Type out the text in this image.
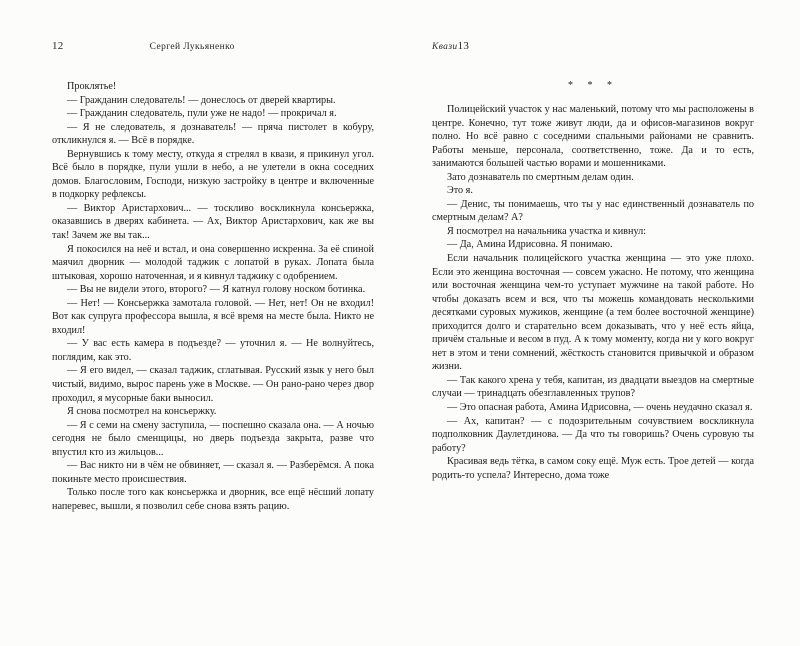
12	Сергей Лукьяненко

Проклятье!

— Гражданин следователь! — донеслось от дверей квартиры.

— Гражданин следователь, пули уже не надо! — прокричал я.

— Я не следователь, я дознаватель! — пряча пистолет в кобуру, откликнулся я. — Всё в порядке.

Вернувшись к тому месту, откуда я стрелял в квази, я прикинул угол. Всё было в порядке, пули ушли в небо, а не улетели в окна соседних домов. Благословим, Господи, низкую застройку в центре и включенные в подкорку рефлексы.

— Виктор Аристархович... — тоскливо воскликнула консьержка, оказавшись в дверях кабинета. — Ах, Виктор Аристархович, как же вы так! Зачем же вы так...

Я покосился на неё и встал, и она совершенно искренна. За её спиной маячил дворник — молодой таджик с лопатой в руках. Лопата была штыковая, хорошо наточенная, и я кивнул таджику с одобрением.

— Вы не видели этого, второго? — Я катнул голову носком ботинка.

— Нет! — Консьержка замотала головой. — Нет, нет! Он не входил! Вот как супруга профессора вышла, я всё время на месте была. Никто не входил!

— У вас есть камера в подъезде? — уточнил я. — Не волнуйтесь, поглядим, как это.

— Я его видел, — сказал таджик, сглатывая. Русский язык у него был чистый, видимо, вырос парень уже в Москве. — Он рано-рано через двор проходил, я мусорные баки выносил.

Я снова посмотрел на консьержку.

— Я с семи на смену заступила, — поспешно сказала она. — А ночью сегодня не было сменщицы, но дверь подъезда закрыта, разве что впустил кто из жильцов...

— Вас никто ни в чём не обвиняет, — сказал я. — Разберёмся. А пока покиньте место происшествия.

Только после того как консьержка и дворник, все ещё нёсший лопату наперевес, вышли, я позволил себе снова взять рацию.

Квази 13
* * *

Полицейский участок у нас маленький, потому что мы расположены в центре. Конечно, тут тоже живут люди, да и офисов-магазинов вокруг полно. Но всё равно с соседними спальными районами не сравнить. Работы меньше, персонала, соответственно, тоже. Да и то есть, занимаются большей частью ворами и мошенниками.

Зато дознаватель по смертным делам один.

Это я.

— Денис, ты понимаешь, что ты у нас единственный дознаватель по смертным делам? А?

Я посмотрел на начальника участка и кивнул:

— Да, Амина Идрисовна. Я понимаю.

Если начальник полицейского участка женщина — это уже плохо. Если это женщина восточная — совсем ужасно. Не потому, что женщина или восточная женщина чем-то уступает мужчине на такой работе. Но чтобы доказать всем и вся, что ты можешь командовать несколькими десятками суровых мужиков, женщине (а тем более восточной женщине) приходится долго и старательно всем доказывать, что у неё есть яйца, причём стальные и весом в пуд. А к тому моменту, когда ни у кого вокруг нет в этом и тени сомнений, жёсткость становится привычкой и образом жизни.

— Так какого хрена у тебя, капитан, из двадцати выездов на смертные случаи — тринадцать обезглавленных трупов?

— Это опасная работа, Амина Идрисовна, — очень неудачно сказал я.

— Ах, капитан? — с подозрительным сочувствием воскликнула подполковник Даулетдинова. — Да что ты говоришь? Очень суровую ты работу?

Красивая ведь тётка, в самом соку ещё. Муж есть. Трое детей — когда родить-то успела? Интересно, дома тоже
